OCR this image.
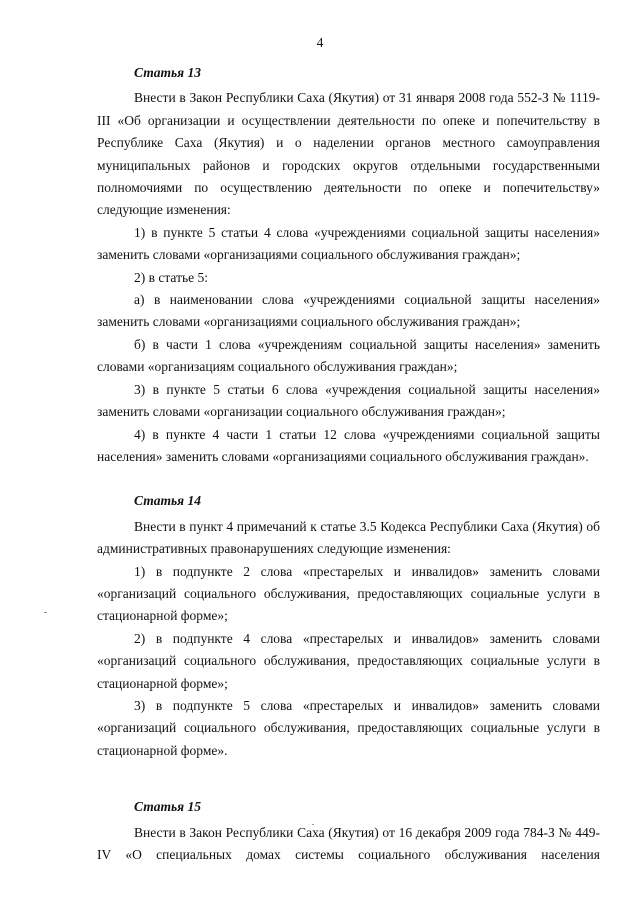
4

Статья 13

Внести в Закон Республики Саха (Якутия) от 31 января 2008 года 552-З № 1119-III «Об организации и осуществлении деятельности по опеке и попечительству в Республике Саха (Якутия) и о наделении органов местного самоуправления муниципальных районов и городских округов отдельными государственными полномочиями по осуществлению деятельности по опеке и попечительству» следующие изменения:

1) в пункте 5 статьи 4 слова «учреждениями социальной защиты населения» заменить словами «организациями социального обслуживания граждан»;

2) в статье 5:

а) в наименовании слова «учреждениями социальной защиты населения» заменить словами «организациями социального обслуживания граждан»;

б) в части 1 слова «учреждениям социальной защиты населения» заменить словами «организациям социального обслуживания граждан»;

3) в пункте 5 статьи 6 слова «учреждения социальной защиты населения» заменить словами «организации социального обслуживания граждан»;

4) в пункте 4 части 1 статьи 12 слова «учреждениями социальной защиты населения» заменить словами «организациями социального обслуживания граждан».

Статья 14

Внести в пункт 4 примечаний к статье 3.5 Кодекса Республики Саха (Якутия) об административных правонарушениях следующие изменения:

1) в подпункте 2 слова «престарелых и инвалидов» заменить словами «организаций социального обслуживания, предоставляющих социальные услуги в стационарной форме»;

2) в подпункте 4 слова «престарелых и инвалидов» заменить словами «организаций социального обслуживания, предоставляющих социальные услуги в стационарной форме»;

3) в подпункте 5 слова «престарелых и инвалидов» заменить словами «организаций социального обслуживания, предоставляющих социальные услуги в стационарной форме».

Статья 15

Внести в Закон Республики Саха (Якутия) от 16 декабря 2009 года 784-З № 449-IV «О специальных домах системы социального обслуживания населения
